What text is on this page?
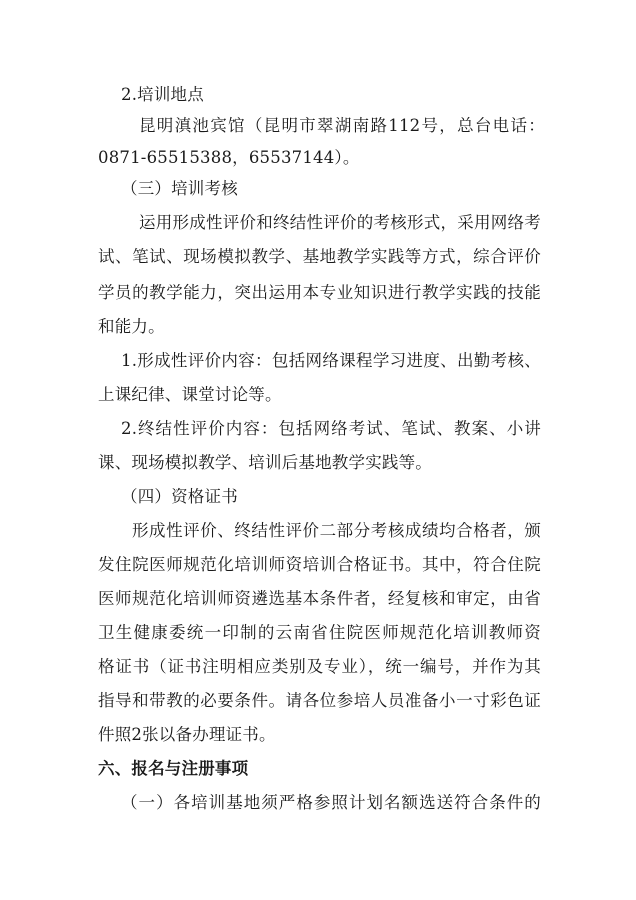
2.培训地点
昆明滇池宾馆（昆明市翠湖南路112号，总台电话：
0871-65515388，65537144）。
（三）培训考核
运用形成性评价和终结性评价的考核形式，采用网络考
试、笔试、现场模拟教学、基地教学实践等方式，综合评价
学员的教学能力，突出运用本专业知识进行教学实践的技能
和能力。
1.形成性评价内容：包括网络课程学习进度、出勤考核、
上课纪律、课堂讨论等。
2.终结性评价内容：包括网络考试、笔试、教案、小讲
课、现场模拟教学、培训后基地教学实践等。
（四）资格证书
形成性评价、终结性评价二部分考核成绩均合格者，颁
发住院医师规范化培训师资培训合格证书。其中，符合住院
医师规范化培训师资遴选基本条件者，经复核和审定，由省
卫生健康委统一印制的云南省住院医师规范化培训教师资
格证书（证书注明相应类别及专业），统一编号，并作为其
指导和带教的必要条件。请各位参培人员准备小一寸彩色证
件照2张以备办理证书。
六、报名与注册事项
（一）各培训基地须严格参照计划名额选送符合条件的
